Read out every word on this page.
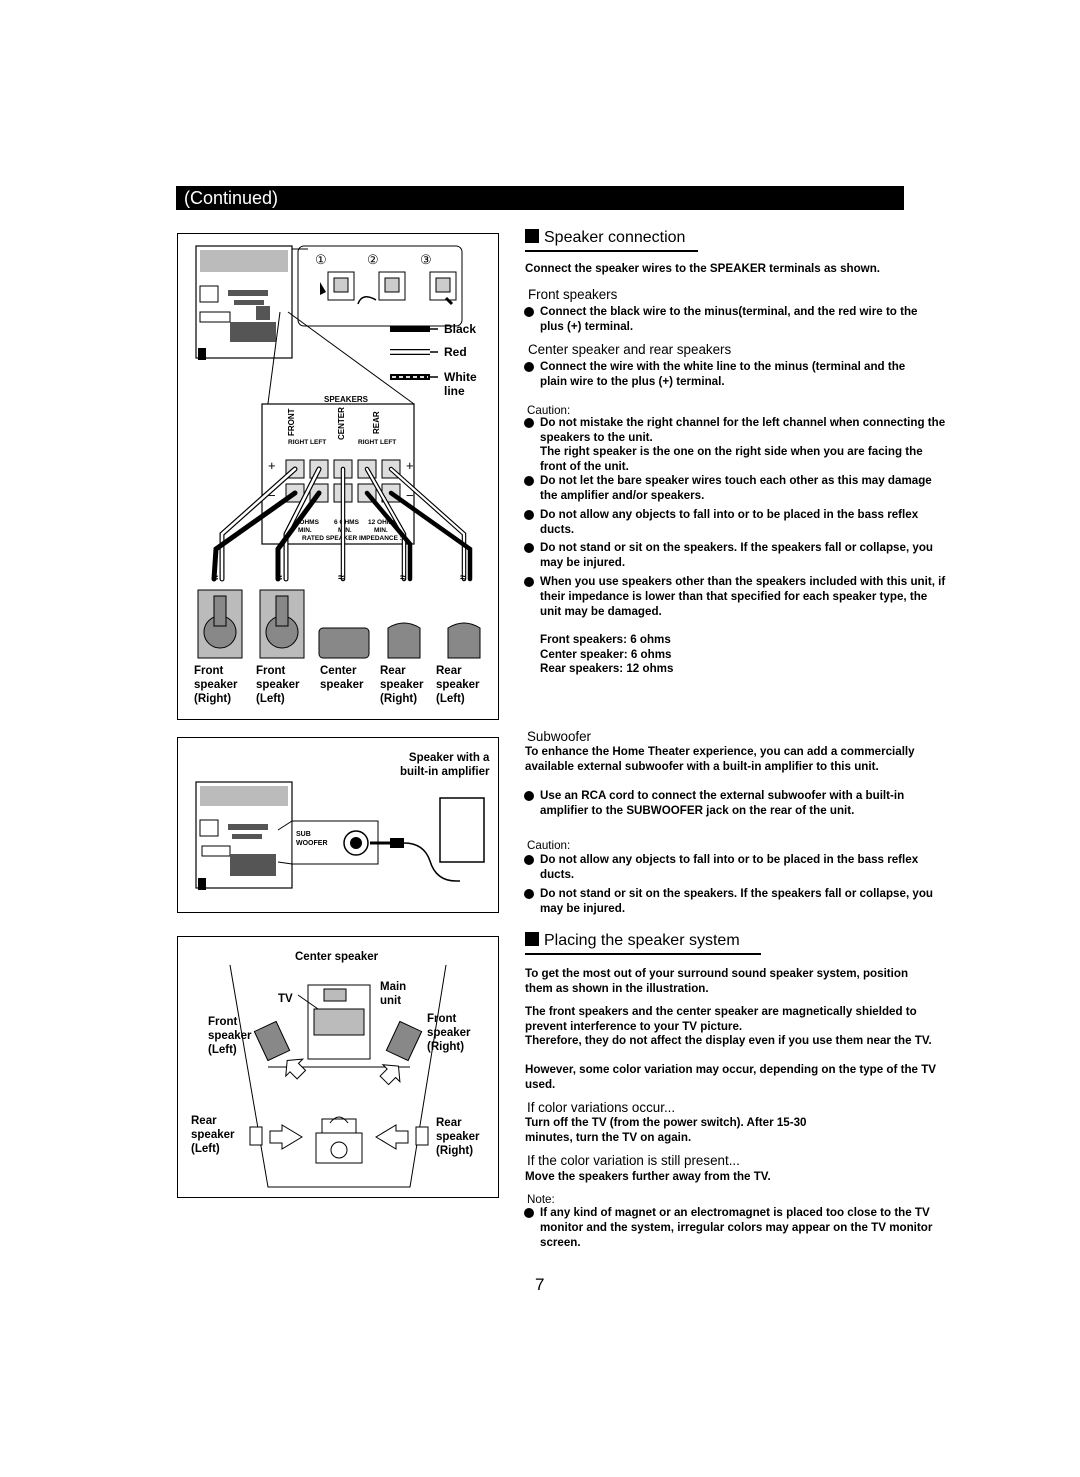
(Continued)
①	②	③
Black
Red
White line
SPEAKERS
FRONT	CENTER	REAR
RIGHT LEFT	RIGHT LEFT
+	+
−	−
6 OHMS MIN.
6 OHMS MIN.
12 OHMS MIN.
RATED SPEAKER IMPEDANCE :
≈	≈	≈	≈	≈
Front
speaker
(Right)
Front
speaker
(Left)
Center
speaker
Rear
speaker
(Right)
Rear
speaker
(Left)
Speaker with a
built-in amplifier
SUB WOOFER
Center speaker
TV
Main
unit
Front
speaker
(Left)
Front
speaker
(Right)
Rear
speaker
(Left)
Rear
speaker
(Right)
Speaker connection
Connect the speaker wires to the SPEAKER terminals as shown.
Front speakers
Connect the black wire to the minus(terminal, and the red wire to the plus (+) terminal.
Center speaker and rear speakers
Connect the wire with the white line to the minus (terminal and the plain wire to the plus (+) terminal.
Caution:
Do not mistake the right channel for the left channel when connecting the speakers to the unit.
The right speaker is the one on the right side when you are facing the front of the unit.
Do not let the bare speaker wires touch each other as this may damage the amplifier and/or speakers.
Do not allow any objects to fall into or to be placed in the bass reflex ducts.
Do not stand or sit on the speakers. If the speakers fall or collapse, you may be injured.
When you use speakers other than the speakers included with this unit, if their impedance is lower than that specified for each speaker type, the unit may be damaged.
Front speakers: 6 ohms
Center speaker: 6 ohms
Rear speakers: 12 ohms
Subwoofer
To enhance the Home Theater experience, you can add a commercially available external subwoofer with a built-in amplifier to this unit.
Use an RCA cord to connect the external subwoofer with a built-in amplifier to the SUBWOOFER jack on the rear of the unit.
Caution:
Do not allow any objects to fall into or to be placed in the bass reflex ducts.
Do not stand or sit on the speakers. If the speakers fall or collapse, you may be injured.
Placing the speaker system
To get the most out of your surround sound speaker system, position them as shown in the illustration.
The front speakers and the center speaker are magnetically shielded to prevent interference to your TV picture.
Therefore, they do not affect the display even if you use them near the TV.
However, some color variation may occur, depending on the type of the TV used.
If color variations occur...
Turn off the TV (from the power switch). After 15-30 minutes, turn the TV on again.
If the color variation is still present...
Move the speakers further away from the TV.
Note:
If any kind of magnet or an electromagnet is placed too close to the TV monitor and the system, irregular colors may appear on the TV monitor screen.
7
